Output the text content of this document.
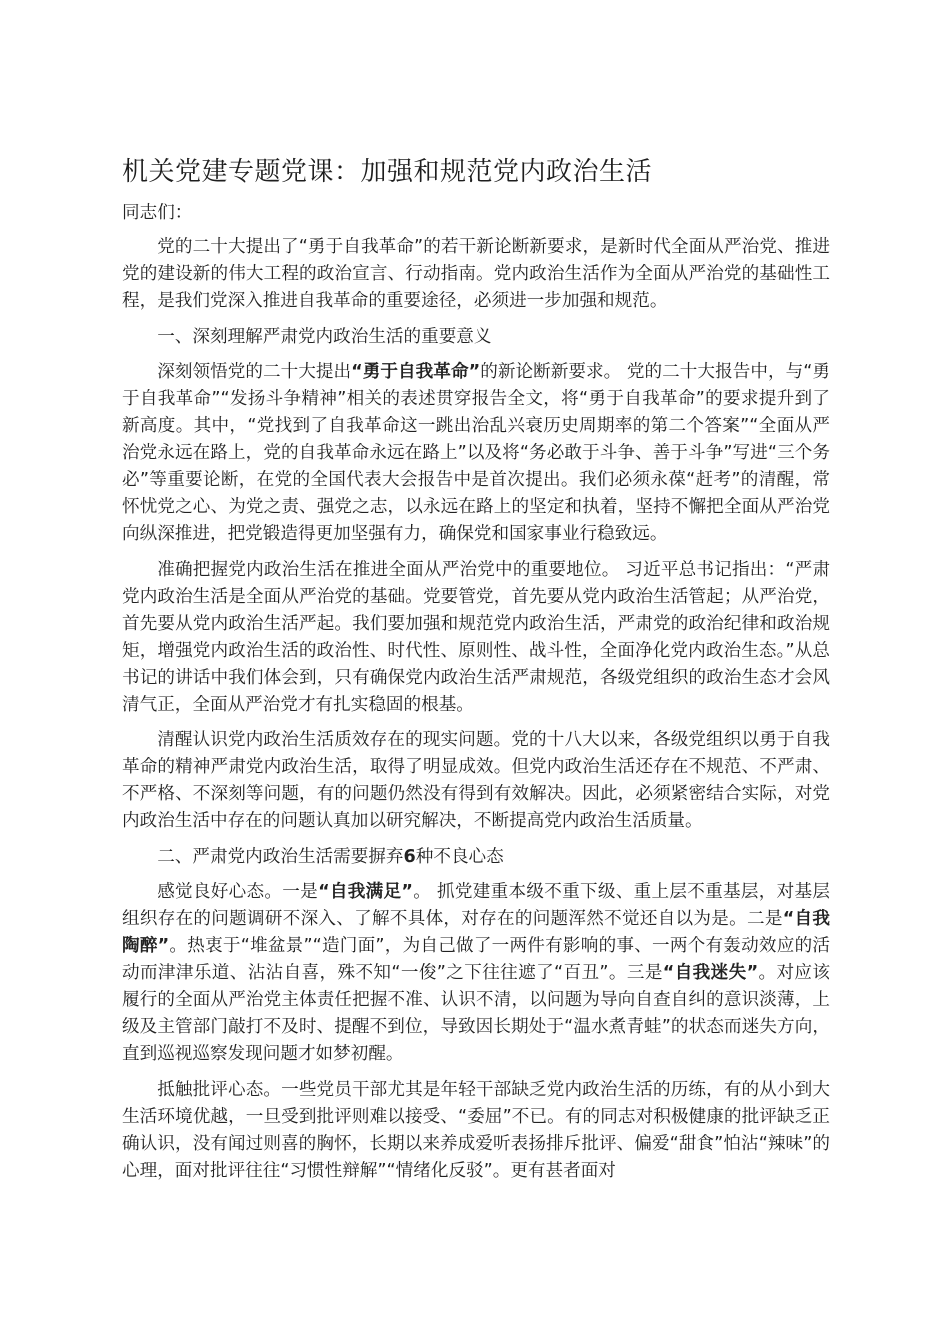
机关党建专题党课：加强和规范党内政治生活

同志们：

党的二十大提出了“勇于自我革命”的若干新论断新要求，是新时代全面从严治党、推进党的建设新的伟大工程的政治宣言、行动指南。党内政治生活作为全面从严治党的基础性工程，是我们党深入推进自我革命的重要途径，必须进一步加强和规范。

一、深刻理解严肃党内政治生活的重要意义

深刻领悟党的二十大提出“勇于自我革命”的新论断新要求。 党的二十大报告中，与“勇于自我革命”“发扬斗争精神”相关的表述贯穿报告全文，将“勇于自我革命”的要求提升到了新高度。其中，“党找到了自我革命这一跳出治乱兴衰历史周期率的第二个答案”“全面从严治党永远在路上，党的自我革命永远在路上”以及将“务必敢于斗争、善于斗争”写进“三个务必”等重要论断，在党的全国代表大会报告中是首次提出。我们必须永葆“赶考”的清醒，常怀忧党之心、为党之责、强党之志，以永远在路上的坚定和执着，坚持不懈把全面从严治党向纵深推进，把党锻造得更加坚强有力，确保党和国家事业行稳致远。

准确把握党内政治生活在推进全面从严治党中的重要地位。 习近平总书记指出：“严肃党内政治生活是全面从严治党的基础。党要管党，首先要从党内政治生活管起；从严治党，首先要从党内政治生活严起。我们要加强和规范党内政治生活，严肃党的政治纪律和政治规矩，增强党内政治生活的政治性、时代性、原则性、战斗性，全面净化党内政治生态。”从总书记的讲话中我们体会到，只有确保党内政治生活严肃规范，各级党组织的政治生态才会风清气正，全面从严治党才有扎实稳固的根基。

清醒认识党内政治生活质效存在的现实问题。党的十八大以来，各级党组织以勇于自我革命的精神严肃党内政治生活，取得了明显成效。但党内政治生活还存在不规范、不严肃、不严格、不深刻等问题，有的问题仍然没有得到有效解决。因此，必须紧密结合实际，对党内政治生活中存在的问题认真加以研究解决，不断提高党内政治生活质量。

二、严肃党内政治生活需要摒弃6种不良心态

感觉良好心态。一是“自我满足”。 抓党建重本级不重下级、重上层不重基层，对基层组织存在的问题调研不深入、了解不具体，对存在的问题浑然不觉还自以为是。二是“自我陶醉”。热衷于“堆盆景”“造门面”，为自己做了一两件有影响的事、一两个有轰动效应的活动而津津乐道、沾沾自喜，殊不知“一俊”之下往往遮了“百丑”。三是“自我迷失”。对应该履行的全面从严治党主体责任把握不准、认识不清，以问题为导向自查自纠的意识淡薄，上级及主管部门敲打不及时、提醒不到位，导致因长期处于“温水煮青蛙”的状态而迷失方向，直到巡视巡察发现问题才如梦初醒。

抵触批评心态。一些党员干部尤其是年轻干部缺乏党内政治生活的历练，有的从小到大生活环境优越，一旦受到批评则难以接受、“委屈”不已。有的同志对积极健康的批评缺乏正确认识，没有闻过则喜的胸怀，长期以来养成爱听表扬排斥批评、偏爱“甜食”怕沾“辣味”的心理，面对批评往往“习惯性辩解”“情绪化反驳”。更有甚者面对
